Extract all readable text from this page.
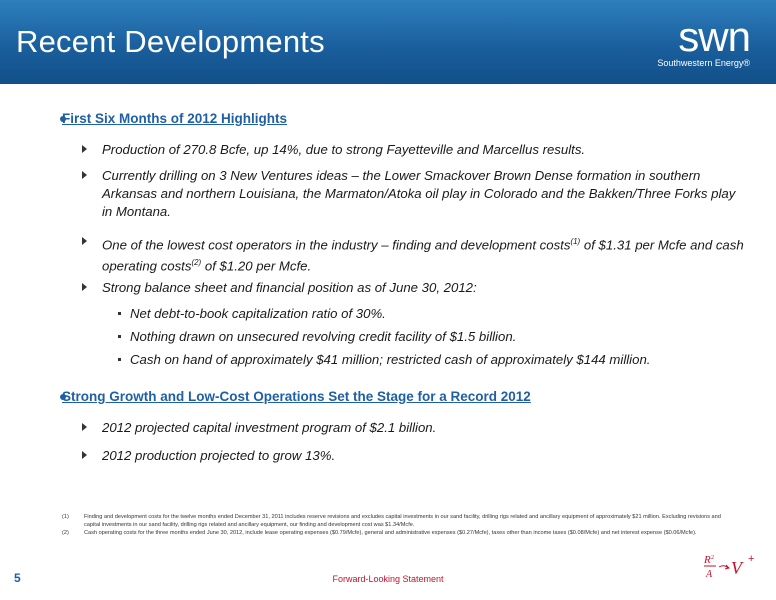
Recent Developments	swn
Southwestern Energy®
First Six Months of 2012 Highlights
Production of 270.8 Bcfe, up 14%, due to strong Fayetteville and Marcellus results.
Currently drilling on 3 New Ventures ideas – the Lower Smackover Brown Dense formation in southern Arkansas and northern Louisiana, the Marmaton/Atoka oil play in Colorado and the Bakken/Three Forks play in Montana.
One of the lowest cost operators in the industry – finding and development costs$^{(1)}$ of $1.31 per Mcfe and cash operating costs$^{(2)}$ of $1.20 per Mcfe.
Strong balance sheet and financial position as of June 30, 2012:
Net debt-to-book capitalization ratio of 30%.
Nothing drawn on unsecured revolving credit facility of $1.5 billion.
Cash on hand of approximately $41 million; restricted cash of approximately $144 million.
Strong Growth and Low-Cost Operations Set the Stage for a Record 2012
2012 projected capital investment program of $2.1 billion.
2012 production projected to grow 13%.
(1)	Finding and development costs for the twelve months ended December 31, 2011 includes reserve revisions and excludes capital investments in our sand facility, drilling rigs related and ancillary equipment of approximately $21 million. Excluding revisions and capital investments in our sand facility, drilling rigs related and ancillary equipment, our finding and development cost was $1.34/Mcfe.
(2)	Cash operating costs for the three months ended June 30, 2012, include lease operating expenses ($0.79/Mcfe), general and administrative expenses ($0.27/Mcfe), taxes other than income taxes ($0.08/Mcfe) and net interest expense ($0.06/Mcfe).
5	Forward-Looking Statement
R 2
A V +
